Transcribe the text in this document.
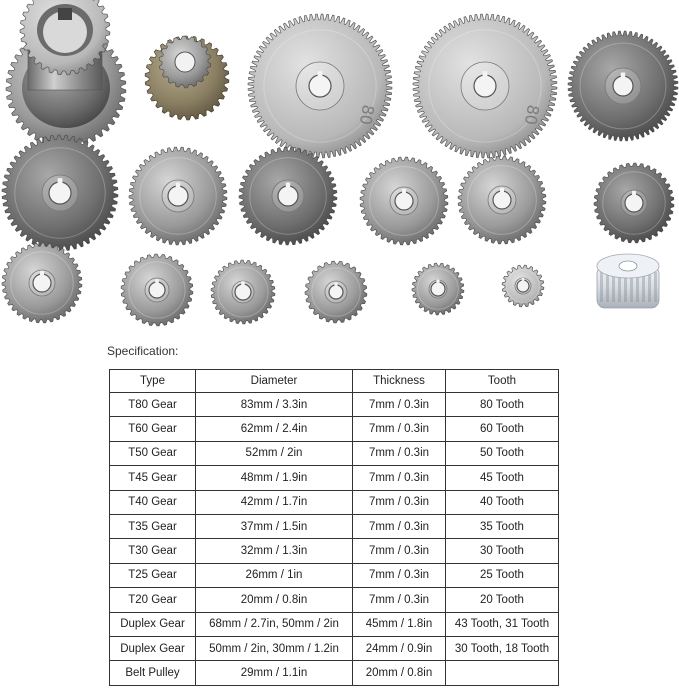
80	80
Specification:
Type	Diameter	Thickness	Tooth
T80 Gear	83mm / 3.3in	7mm / 0.3in	80 Tooth
T60 Gear	62mm / 2.4in	7mm / 0.3in	60 Tooth
T50 Gear	52mm / 2in	7mm / 0.3in	50 Tooth
T45 Gear	48mm / 1.9in	7mm / 0.3in	45 Tooth
T40 Gear	42mm / 1.7in	7mm / 0.3in	40 Tooth
T35 Gear	37mm / 1.5in	7mm / 0.3in	35 Tooth
T30 Gear	32mm / 1.3in	7mm / 0.3in	30 Tooth
T25 Gear	26mm / 1in	7mm / 0.3in	25 Tooth
T20 Gear	20mm / 0.8in	7mm / 0.3in	20 Tooth
Duplex Gear	68mm / 2.7in, 50mm / 2in	45mm / 1.8in	43 Tooth, 31 Tooth
Duplex Gear	50mm / 2in, 30mm / 1.2in	24mm / 0.9in	30 Tooth, 18 Tooth
Belt Pulley	29mm / 1.1in	20mm / 0.8in	
